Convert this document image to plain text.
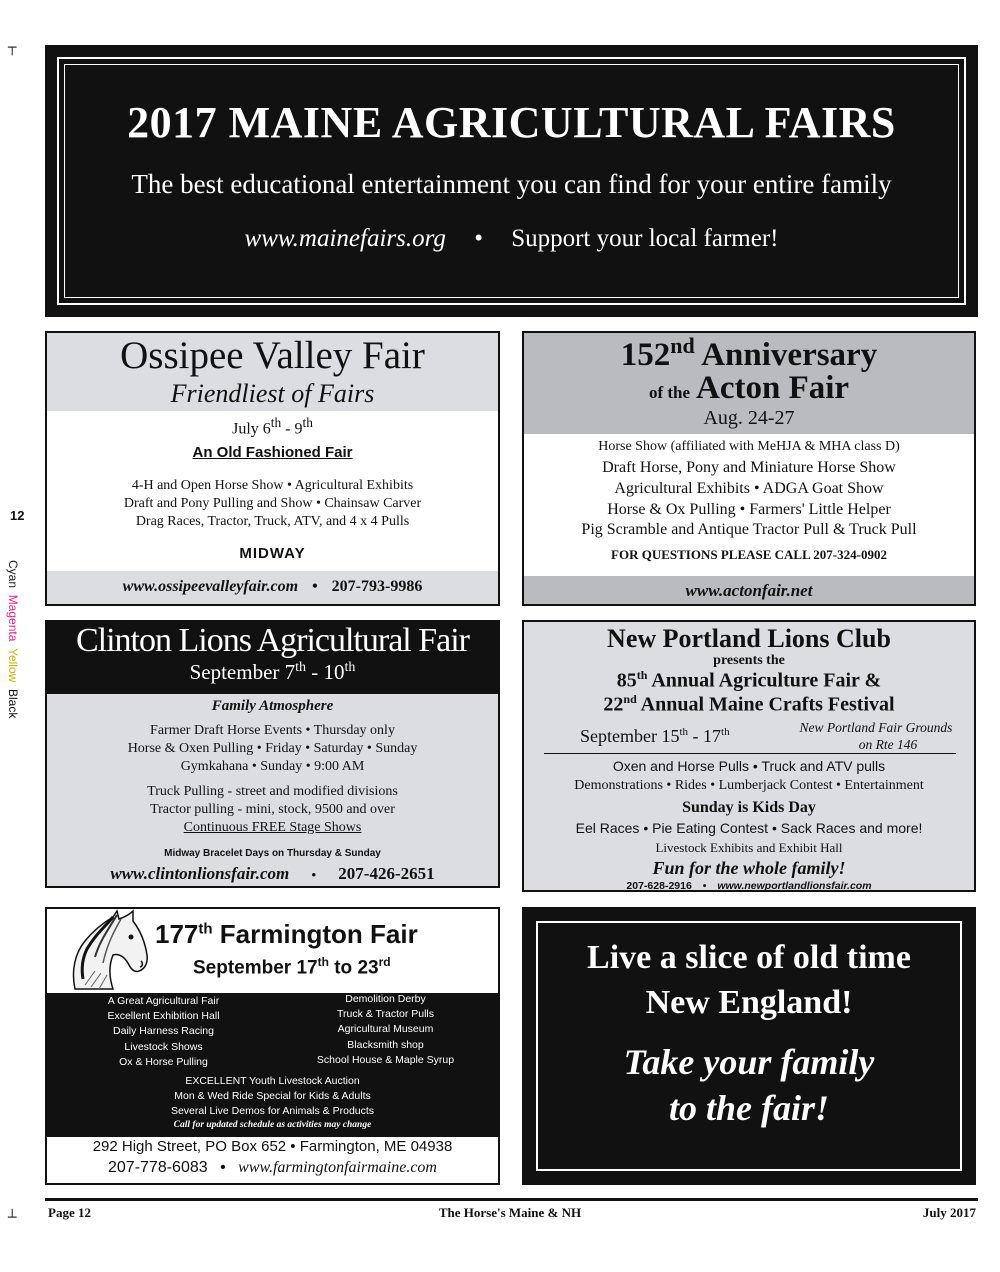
┬
┴
12
Cyan  Magenta  Yellow  Black
2017 MAINE AGRICULTURAL FAIRS
The best educational entertainment you can find for your entire family
www.mainefairs.org • Support your local farmer!
Ossipee Valley Fair
Friendliest of Fairs
July 6th - 9th
An Old Fashioned Fair
4-H and Open Horse Show • Agricultural Exhibits
Draft and Pony Pulling and Show • Chainsaw Carver
Drag Races, Tractor, Truck, ATV, and 4 x 4 Pulls
MIDWAY
www.ossipeevalleyfair.com • 207-793-9986
152nd Anniversary
of the Acton Fair
Aug. 24-27
Horse Show (affiliated with MeHJA & MHA class D)
Draft Horse, Pony and Miniature Horse Show
Agricultural Exhibits • ADGA Goat Show
Horse & Ox Pulling • Farmers' Little Helper
Pig Scramble and Antique Tractor Pull & Truck Pull
FOR QUESTIONS PLEASE CALL 207-324-0902
www.actonfair.net
Clinton Lions Agricultural Fair
September 7th - 10th
Family Atmosphere
Farmer Draft Horse Events • Thursday only
Horse & Oxen Pulling • Friday • Saturday • Sunday
Gymkahana • Sunday • 9:00 AM
Truck Pulling - street and modified divisions
Tractor pulling - mini, stock, 9500 and over
Continuous FREE Stage Shows
Midway Bracelet Days on Thursday & Sunday
www.clintonlionsfair.com • 207-426-2651
New Portland Lions Club
presents the
85th Annual Agriculture Fair &
22nd Annual Maine Crafts Festival
September 15th - 17th	New Portland Fair Grounds
on Rte 146
Oxen and Horse Pulls • Truck and ATV pulls
Demonstrations • Rides • Lumberjack Contest • Entertainment
Sunday is Kids Day
Eel Races • Pie Eating Contest • Sack Races and more!
Livestock Exhibits and Exhibit Hall
Fun for the whole family!
207-628-2916 • www.newportlandlionsfair.com
177th Farmington Fair
September 17th to 23rd
A Great Agricultural Fair
Excellent Exhibition Hall
Daily Harness Racing
Livestock Shows
Ox & Horse Pulling
Demolition Derby
Truck & Tractor Pulls
Agricultural Museum
Blacksmith shop
School House & Maple Syrup
EXCELLENT Youth Livestock Auction
Mon & Wed Ride Special for Kids & Adults
Several Live Demos for Animals & Products
Call for updated schedule as activities may change
292 High Street, PO Box 652 • Farmington, ME 04938
207-778-6083 • www.farmingtonfairmaine.com
Live a slice of old time
New England!
Take your family
to the fair!
Page 12	The Horse's Maine & NH	July 2017
